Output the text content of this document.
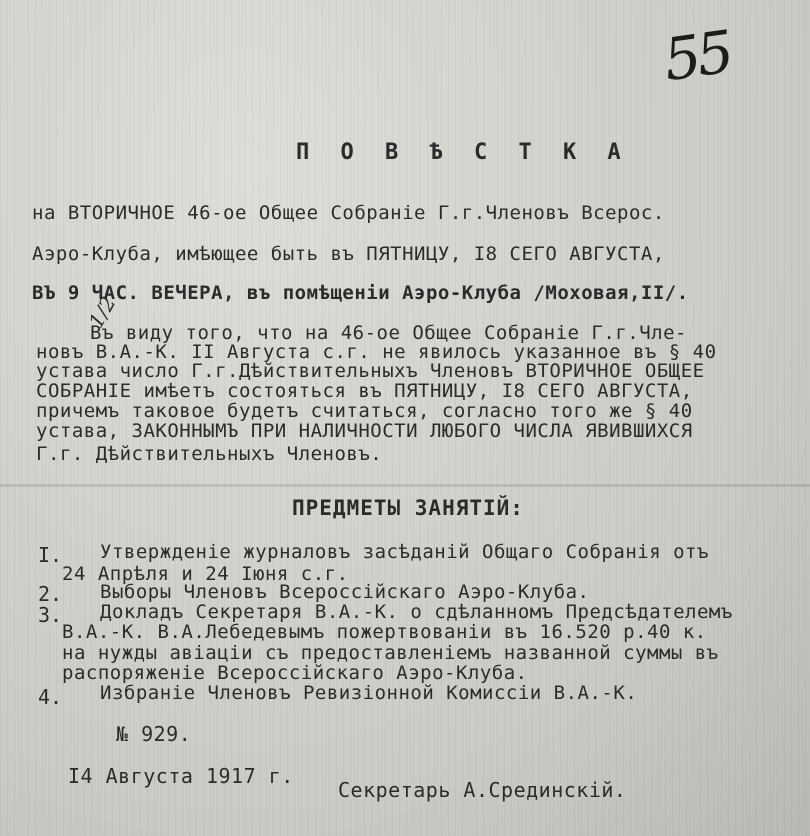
55
П О В Ѣ С Т К А
на ВТОРИЧНОЕ 46-ое Общее Собраніе Г.г.Членовъ Всерос.
Аэро-Клуба, имѣющее быть въ ПЯТНИЦУ, I8 СЕГО АВГУСТА,
ВЪ 9 ЧАС. ВЕЧЕРА, въ помѣщеніи Аэро-Клуба /Моховая,II/.
1/2
Въ виду того, что на 46-ое Общее Собраніе Г.г.Чле-
новъ В.А.-К. II Августа с.г. не явилось указанное въ § 40
устава число Г.г.Дѣйствительныхъ Членовъ ВТОРИЧНОЕ ОБЩЕЕ
СОБРАНІЕ имѣетъ состояться въ ПЯТНИЦУ, I8 СЕГО АВГУСТА,
причемъ таковое будетъ считаться, согласно того же § 40
устава, ЗАКОННЫМЪ ПРИ НАЛИЧНОСТИ ЛЮБОГО ЧИСЛА ЯВИВШИХСЯ
Г.г. Дѣйствительныхъ Членовъ.
ПРЕДМЕТЫ ЗАНЯТІЙ:
I. Утвержденіе журналовъ засѣданій Общаго Собранія отъ
24 Апрѣля и 24 Іюня с.г.
2. Выборы Членовъ Всероссійскаго Аэро-Клуба.
3. Докладъ Секретаря В.А.-К. о сдѣланномъ Предсѣдателемъ
В.А.-К. В.А.Лебедевымъ пожертвованіи въ 16.520 р.40 к.
на нужды авіаціи съ предоставленіемъ названной суммы въ
распоряженіе Всероссійскаго Аэро-Клуба.
4. Избраніе Членовъ Ревизіонной Комиссіи В.А.-К.
№ 929.
I4 Августа 1917 г.
Секретарь А.Срединскій.
